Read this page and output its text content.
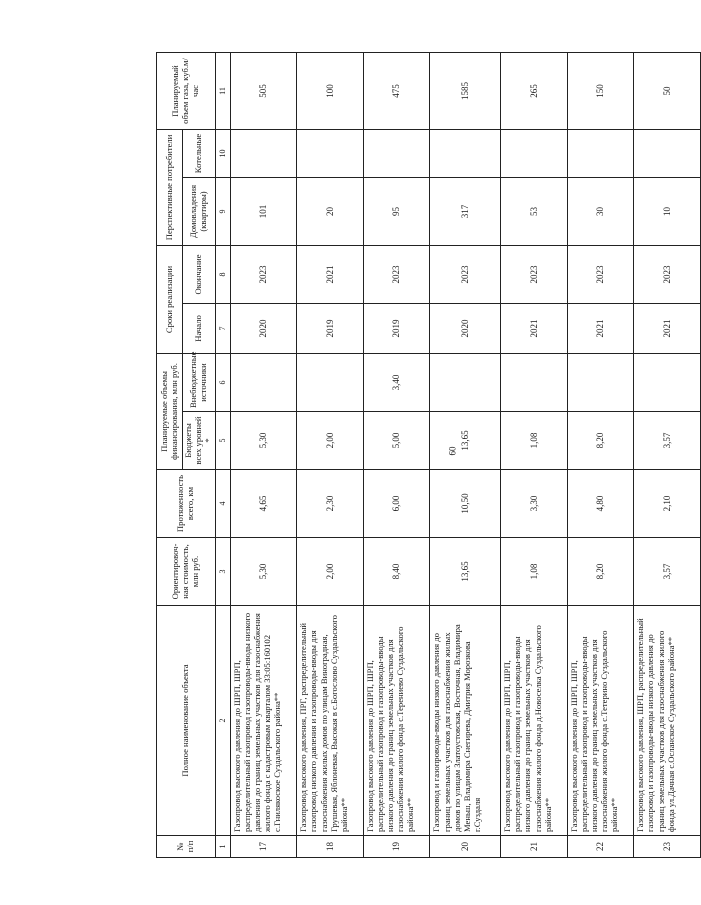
60
№ п/п	Полное наименование объекта	Ориентировоч-ная стоимость, млн руб.	Протяженность всего, км	Планируемые объемы финансирования, млн руб.		Сроки реализации		Перспективные потребители		Планируемый объем газа, куб.м/час
				Бюджеты всех уровней *	Внебюджетные источники	Начало	Окончание	Домовладения (квартиры)	Котельные	
1	2	3	4	5	6	7	8	9	10	11
17	Газопровод высокого давления до ШРП, ШРП, распределительный газопровод газопроводы-вводы низкого давления до границ земельных участков для газоснабжения жилого фонда с кадастровым кварталом 33:05:160102 с.Гнилякоское Суздальского района**	5,30	4,65	5,30		2020	2023	101		505
18	Газопровод высокого давления, ПРГ, распределительный газопровод низкого давления и газопроводы-вводы для газоснабжения жилых домов по улицам Виноградная, Грушевая, Яблоневая, Высокая в с.Богослово Суздальского района**	2,00	2,30	2,00		2019	2021	20		100
19	Газопровод высокого давления до ШРП, ШРП, распределительный газопровод и газопроводы-вводы низкого давления до границ земельных участков для газоснабжения жилого фонда с.Терениево Суздальского района**	8,40	6,00	5,00	3,40	2019	2023	95		475
20	Газопровод и газопроводы-вводы низкого давления до границ земельных участков для газоснабжения жилых домов по улицам Златоустовская, Восточная, Владимира Меньш, Владимира Снегирева, Дмитрия Морозкова г.Суздаля	13,65	10,50	13,65		2020	2023	317		1585
21	Газопровод высокого давления до ШРП, ШРП, распределительный газопровод и газопроводы-вводы низкого давления до границ земельных участков для газоснабжения жилого фонда д.Новоселка Суздальского района**	1,08	3,30	1,08		2021	2023	53		265
22	Газопровод высокого давления до ШРП, ШРП, распределительный газопровод и газопроводы-вводы низкого давления до границ земельных участков для газоснабжения жилого фонда с.Тетерино Суздальского района**	8,20	4,80	8,20		2021	2023	30		150
23	Газопровод высокого давления, ШРП, распределительный газопровод и газопроводы-вводы низкого давления до границ земельных участков для газоснабжения жилого фонда ул.Дачная с.Осланское Суздальского района**	3,57	2,10	3,57		2021	2023	10		50
